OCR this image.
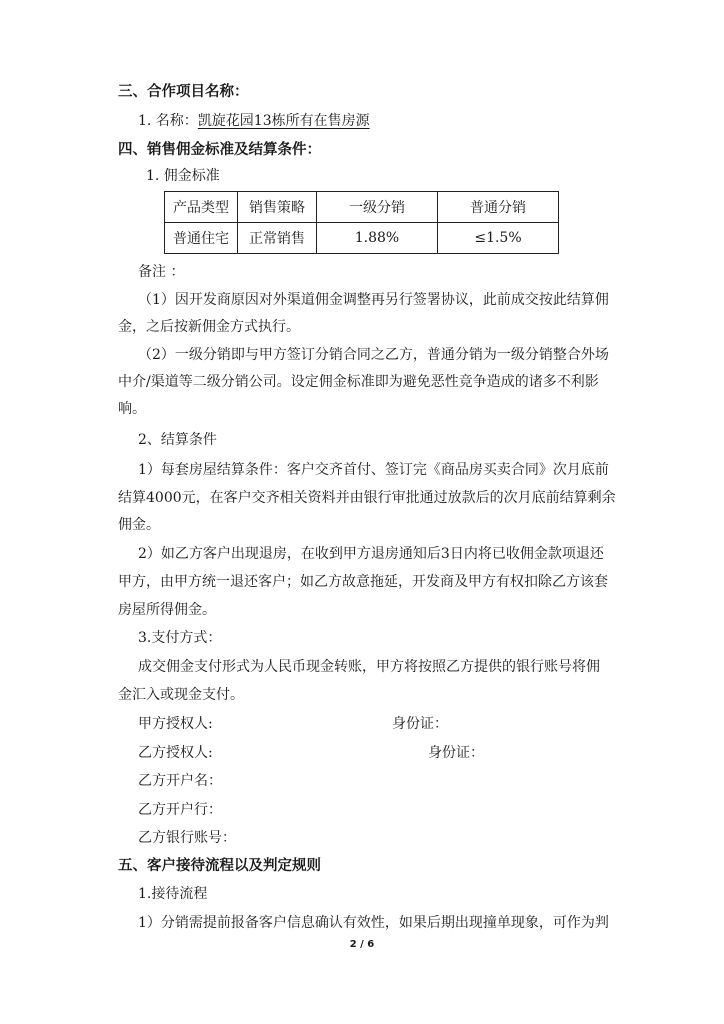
三、合作项目名称：
1. 名称：凯旋花园13栋所有在售房源
四、销售佣金标准及结算条件：
1. 佣金标准
产品类型	销售策略	一级分销	普通分销
普通住宅	正常销售	1.88%	≤1.5%
备注 ：
（1）因开发商原因对外渠道佣金调整再另行签署协议，此前成交按此结算佣
金，之后按新佣金方式执行。
（2）一级分销即与甲方签订分销合同之乙方，普通分销为一级分销整合外场
中介/渠道等二级分销公司。设定佣金标准即为避免恶性竞争造成的诸多不利影
响。
2、结算条件
1）每套房屋结算条件：客户交齐首付、签订完《商品房买卖合同》次月底前
结算4000元，在客户交齐相关资料并由银行审批通过放款后的次月底前结算剩余
佣金。
2）如乙方客户出现退房，在收到甲方退房通知后3日内将已收佣金款项退还
甲方，由甲方统一退还客户；如乙方故意拖延，开发商及甲方有权扣除乙方该套
房屋所得佣金。
3.支付方式：
成交佣金支付形式为人民币现金转账，甲方将按照乙方提供的银行账号将佣
金汇入或现金支付。
甲方授权人:	身份证：
乙方授权人:	身份证：
乙方开户名：
乙方开户行：
乙方银行账号：
五、客户接待流程以及判定规则
1.接待流程
1）分销需提前报备客户信息确认有效性，如果后期出现撞单现象，可作为判
2 / 6
